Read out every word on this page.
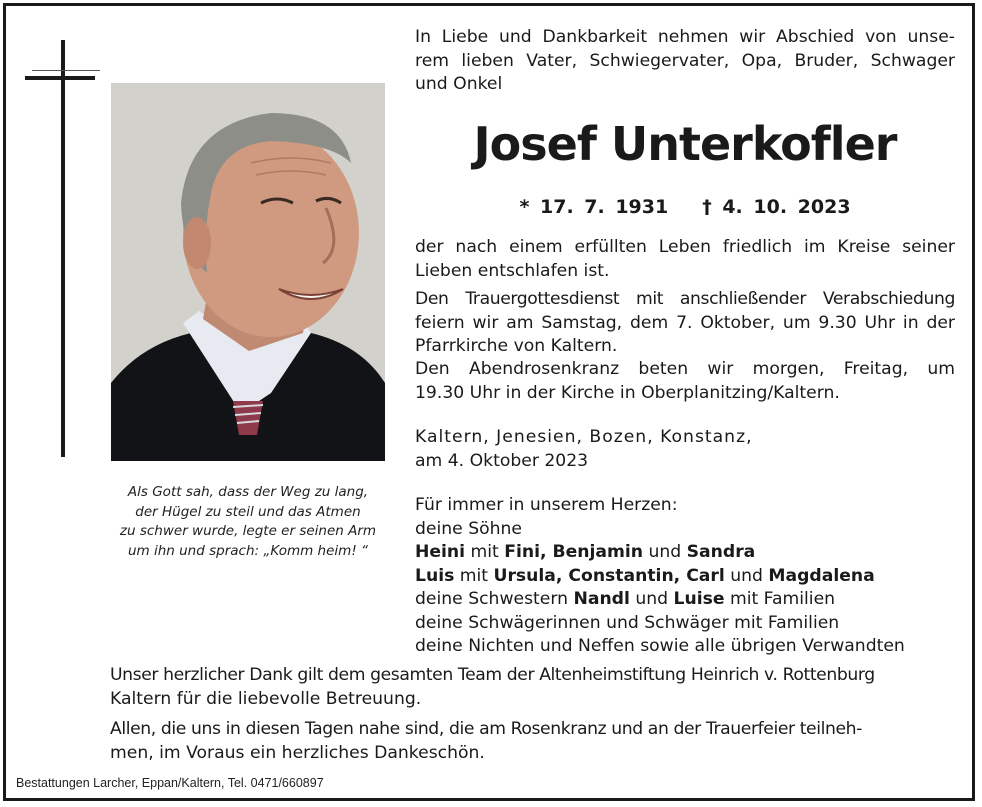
Als Gott sah, dass der Weg zu lang,

der Hügel zu steil und das Atmen

zu schwer wurde, legte er seinen Arm

um ihn und sprach: „Komm heim! “

In Liebe und Dankbarkeit nehmen wir Abschied von unse-

rem lieben Vater, Schwiegervater, Opa, Bruder, Schwager

und Onkel

Josef Unterkofler
* 17. 7. 1931 † 4. 10. 2023

der nach einem erfüllten Leben friedlich im Kreise seiner

Lieben entschlafen ist.

Den Trauergottesdienst mit anschließender Verabschiedung

feiern wir am Samstag, dem 7. Oktober, um 9.30 Uhr in der

Pfarrkirche von Kaltern.

Den Abendrosenkranz beten wir morgen, Freitag, um

19.30 Uhr in der Kirche in Oberplanitzing/Kaltern.

Kaltern, Jenesien, Bozen, Konstanz,

am 4. Oktober 2023

Für immer in unserem Herzen:

deine Söhne

Heini mit Fini, Benjamin und Sandra

Luis mit Ursula, Constantin, Carl und Magdalena

deine Schwestern Nandl und Luise mit Familien

deine Schwägerinnen und Schwäger mit Familien

deine Nichten und Neffen sowie alle übrigen Verwandten

Unser herzlicher Dank gilt dem gesamten Team der Altenheimstiftung Heinrich v. Rottenburg

Kaltern für die liebevolle Betreuung.

Allen, die uns in diesen Tagen nahe sind, die am Rosenkranz und an der Trauerfeier teilneh-

men, im Voraus ein herzliches Dankeschön.

Bestattungen Larcher, Eppan/Kaltern, Tel. 0471/660897
